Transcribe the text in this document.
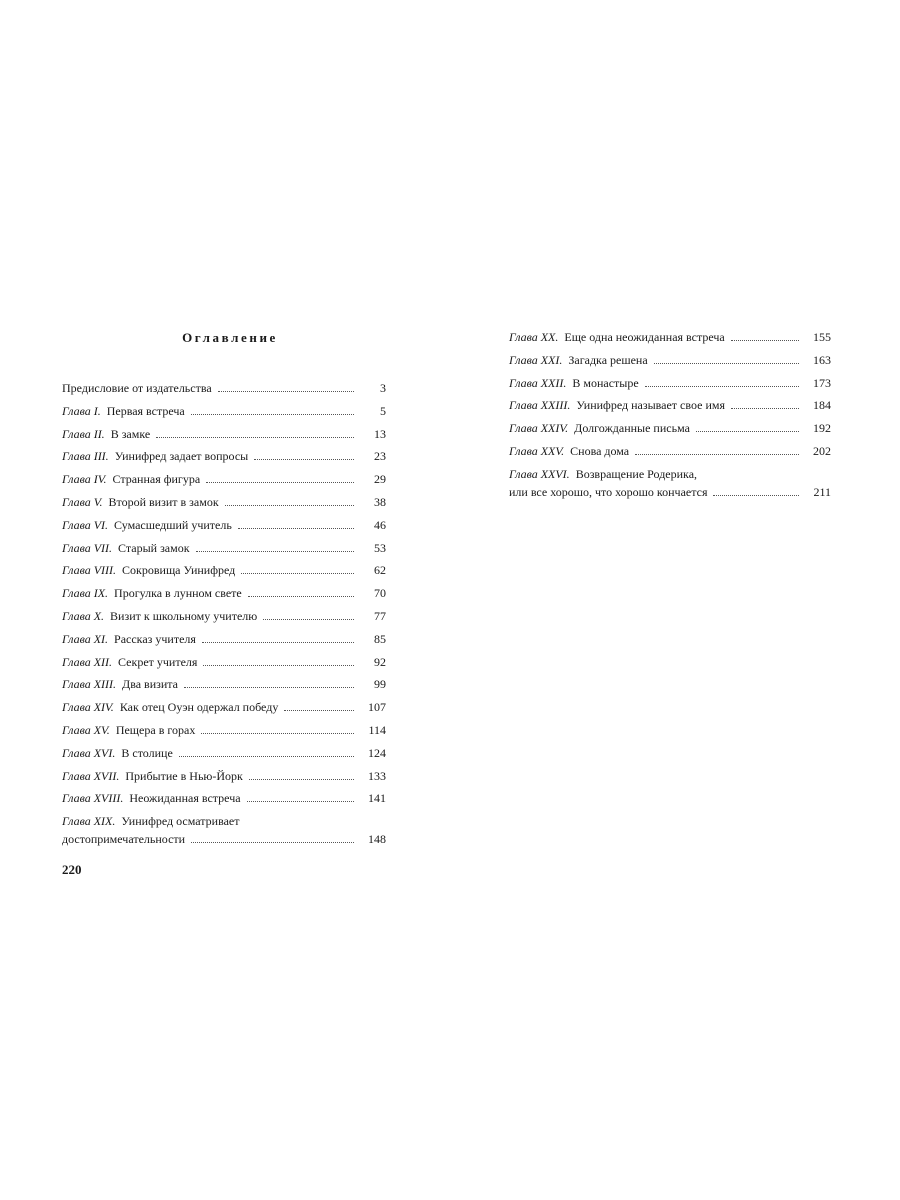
Оглавление
Предисловие от издательства	3
Глава I. Первая встреча	5
Глава II. В замке	13
Глава III. Уинифред задает вопросы	23
Глава IV. Странная фигура	29
Глава V. Второй визит в замок	38
Глава VI. Сумасшедший учитель	46
Глава VII. Старый замок	53
Глава VIII. Сокровища Уинифред	62
Глава IX. Прогулка в лунном свете	70
Глава X. Визит к школьному учителю	77
Глава XI. Рассказ учителя	85
Глава XII. Секрет учителя	92
Глава XIII. Два визита	99
Глава XIV. Как отец Оуэн одержал победу	107
Глава XV. Пещера в горах	114
Глава XVI. В столице	124
Глава XVII. Прибытие в Нью-Йорк	133
Глава XVIII. Неожиданная встреча	141
Глава XIX. Уинифред осматривает
достопримечательности	148
Глава XX. Еще одна неожиданная встреча	155
Глава XXI. Загадка решена	163
Глава XXII. В монастыре	173
Глава XXIII. Уинифред называет свое имя	184
Глава XXIV. Долгожданные письма	192
Глава XXV. Снова дома	202
Глава XXVI. Возвращение Родерика,
или все хорошо, что хорошо кончается	211
220
